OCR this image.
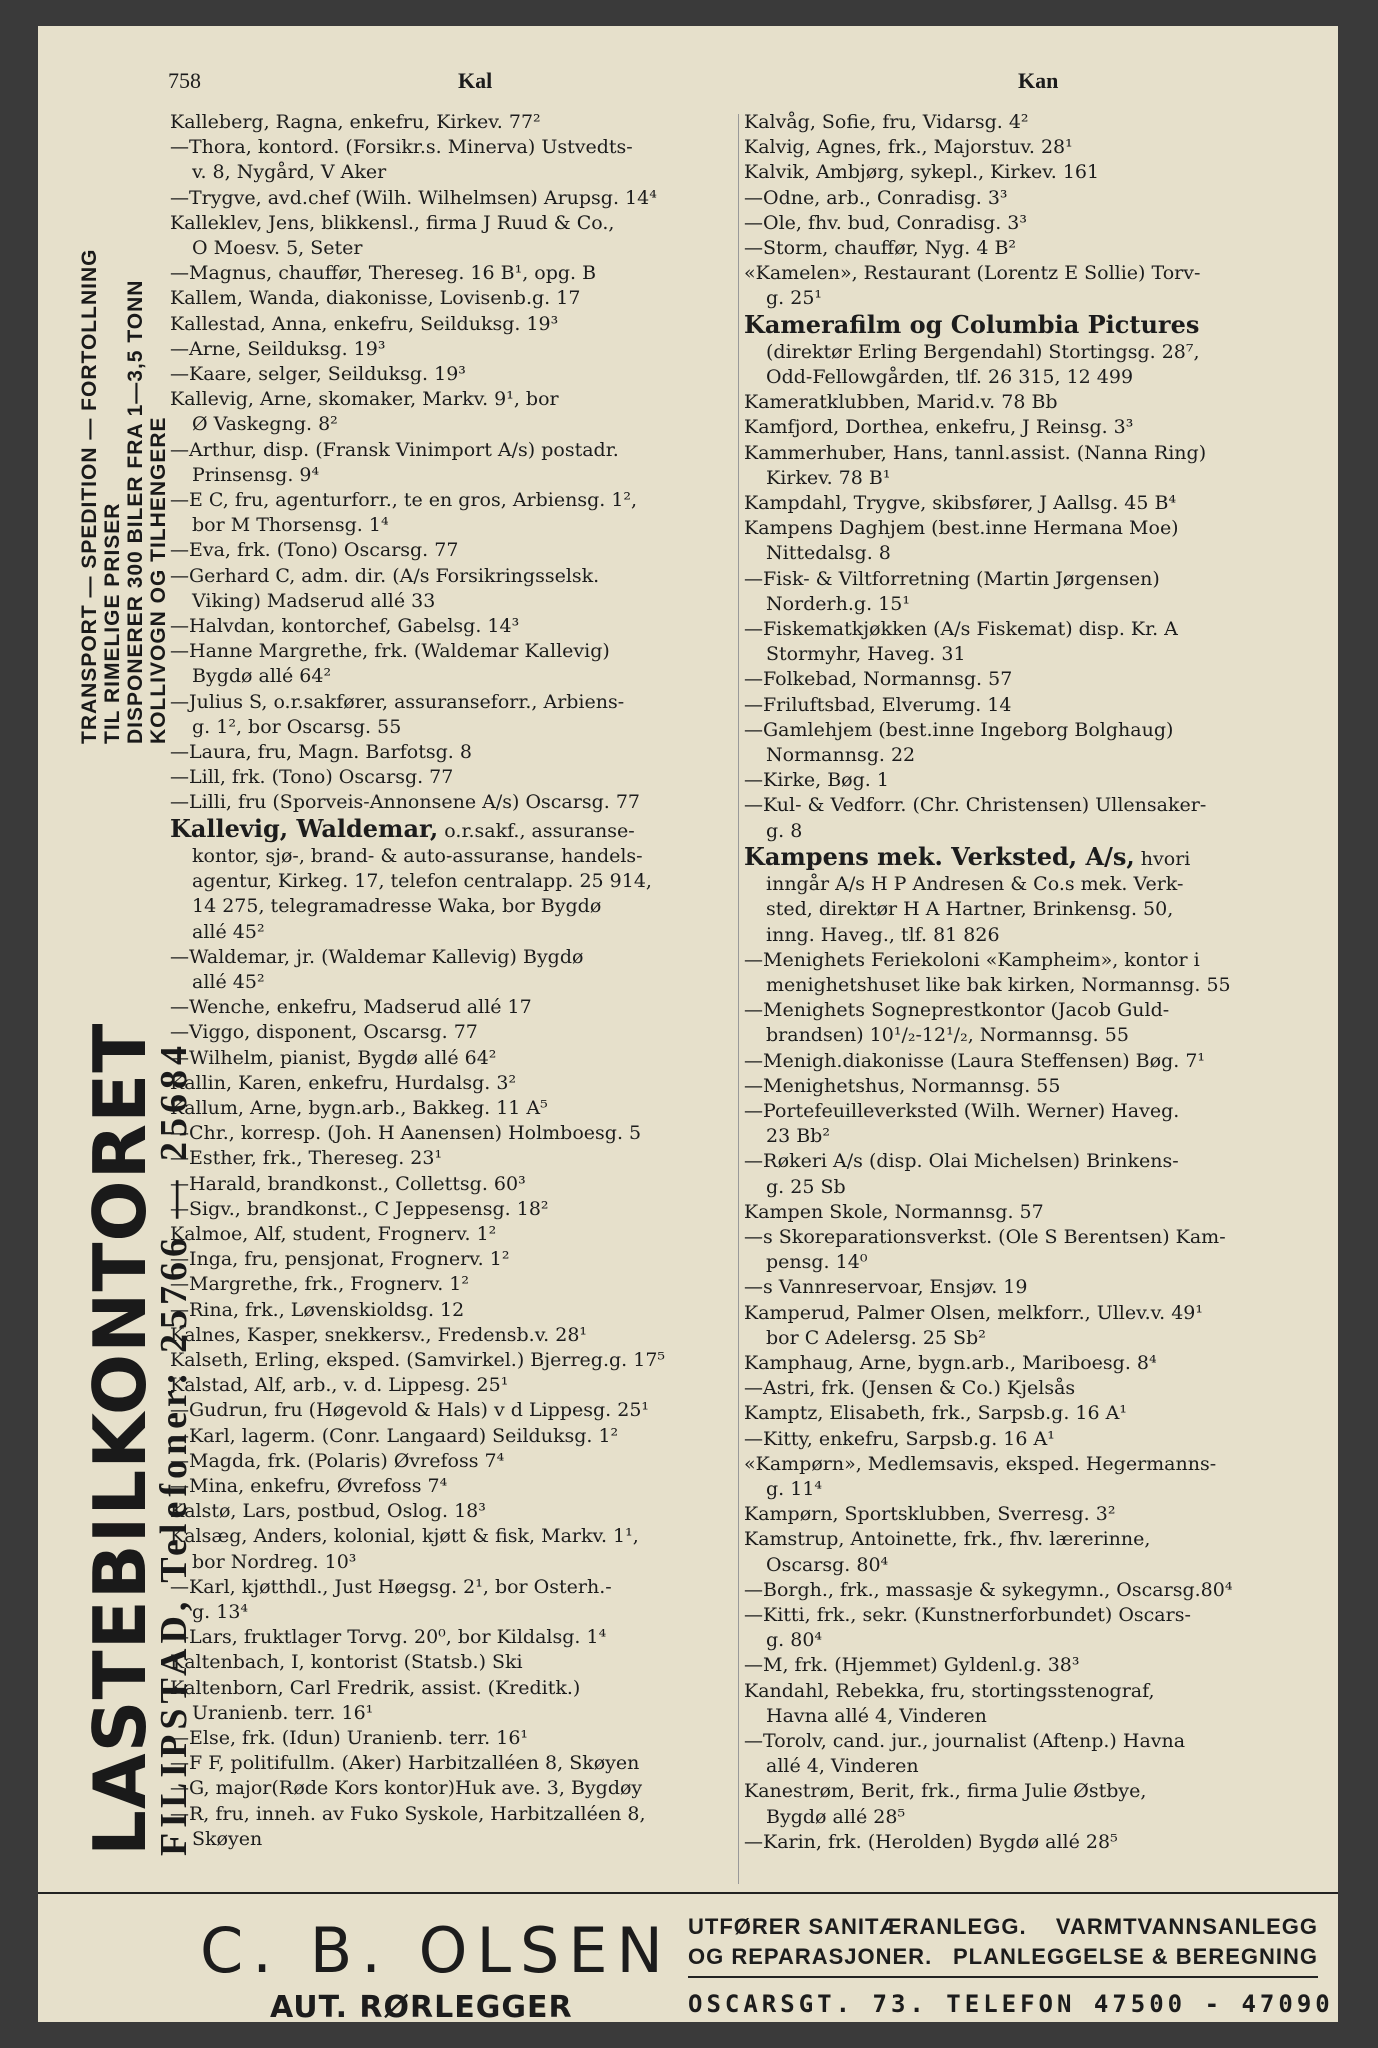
758	Kal	Kan
TRANSPORT — SPEDITION — FORTOLLNING TIL RIMELIGE PRISER DISPONERER 300 BILER FRA 1—3,5 TONN KOLLIVOGN OG TILHENGERE
LASTEBILKONTORET
FILIPSTAD, Telefoner: 25766 — 25684

Kalleberg, Ragna, enkefru, Kirkev. 77²

—Thora, kontord. (Forsikr.s. Minerva) Ustvedts-
v. 8, Nygård, V Aker

—Trygve, avd.chef (Wilh. Wilhelmsen) Arupsg. 14⁴

Kalleklev, Jens, blikkensl., firma J Ruud & Co.,
O Moesv. 5, Seter

—Magnus, chauffør, Thereseg. 16 B¹, opg. B

Kallem, Wanda, diakonisse, Lovisenb.g. 17

Kallestad, Anna, enkefru, Seilduksg. 19³

—Arne, Seilduksg. 19³

—Kaare, selger, Seilduksg. 19³

Kallevig, Arne, skomaker, Markv. 9¹, bor
Ø Vaskegng. 8²

—Arthur, disp. (Fransk Vinimport A/s) postadr.
Prinsensg. 9⁴

—E C, fru, agenturforr., te en gros, Arbiensg. 1²,
bor M Thorsensg. 1⁴

—Eva, frk. (Tono) Oscarsg. 77

—Gerhard C, adm. dir. (A/s Forsikringsselsk.
Viking) Madserud allé 33

—Halvdan, kontorchef, Gabelsg. 14³

—Hanne Margrethe, frk. (Waldemar Kallevig)
Bygdø allé 64²

—Julius S, o.r.sakfører, assuranseforr., Arbiens-
g. 1², bor Oscarsg. 55

—Laura, fru, Magn. Barfotsg. 8

—Lill, frk. (Tono) Oscarsg. 77

—Lilli, fru (Sporveis-Annonsene A/s) Oscarsg. 77

Kallevig, Waldemar, o.r.sakf., assuranse-
kontor, sjø-, brand- & auto-assuranse, handels-
agentur, Kirkeg. 17, telefon centralapp. 25 914,
14 275, telegramadresse Waka, bor Bygdø
allé 45²

—Waldemar, jr. (Waldemar Kallevig) Bygdø
allé 45²

—Wenche, enkefru, Madserud allé 17

—Viggo, disponent, Oscarsg. 77

—Wilhelm, pianist, Bygdø allé 64²

Kallin, Karen, enkefru, Hurdalsg. 3²

Kallum, Arne, bygn.arb., Bakkeg. 11 A⁵

—Chr., korresp. (Joh. H Aanensen) Holmboesg. 5

—Esther, frk., Thereseg. 23¹

—Harald, brandkonst., Collettsg. 60³

—Sigv., brandkonst., C Jeppesensg. 18²

Kalmoe, Alf, student, Frognerv. 1²

—Inga, fru, pensjonat, Frognerv. 1²

—Margrethe, frk., Frognerv. 1²

—Rina, frk., Løvenskioldsg. 12

Kalnes, Kasper, snekkersv., Fredensb.v. 28¹

Kalseth, Erling, eksped. (Samvirkel.) Bjerreg.g. 17⁵

Kalstad, Alf, arb., v. d. Lippesg. 25¹

—Gudrun, fru (Høgevold & Hals) v d Lippesg. 25¹

—Karl, lagerm. (Conr. Langaard) Seilduksg. 1²

—Magda, frk. (Polaris) Øvrefoss 7⁴

—Mina, enkefru, Øvrefoss 7⁴

Kalstø, Lars, postbud, Oslog. 18³

Kalsæg, Anders, kolonial, kjøtt & fisk, Markv. 1¹,
bor Nordreg. 10³

—Karl, kjøtthdl., Just Høegsg. 2¹, bor Osterh.-
g. 13⁴

—Lars, fruktlager Torvg. 20⁰, bor Kildalsg. 1⁴

Kaltenbach, I, kontorist (Statsb.) Ski

Kaltenborn, Carl Fredrik, assist. (Kreditk.)
Uranienb. terr. 16¹

—Else, frk. (Idun) Uranienb. terr. 16¹

—F F, politifullm. (Aker) Harbitzalléen 8, Skøyen

—G, major(Røde Kors kontor)Huk ave. 3, Bygdøy

—R, fru, inneh. av Fuko Syskole, Harbitzalléen 8,
Skøyen

Kalvåg, Sofie, fru, Vidarsg. 4²

Kalvig, Agnes, frk., Majorstuv. 28¹

Kalvik, Ambjørg, sykepl., Kirkev. 161

—Odne, arb., Conradisg. 3³

—Ole, fhv. bud, Conradisg. 3³

—Storm, chauffør, Nyg. 4 B²

«Kamelen», Restaurant (Lorentz E Sollie) Torv-
g. 25¹

Kamerafilm og Columbia Pictures
(direktør Erling Bergendahl) Stortingsg. 28⁷,
Odd-Fellowgården, tlf. 26 315, 12 499

Kameratklubben, Marid.v. 78 Bb

Kamfjord, Dorthea, enkefru, J Reinsg. 3³

Kammerhuber, Hans, tannl.assist. (Nanna Ring)
Kirkev. 78 B¹

Kampdahl, Trygve, skibsfører, J Aallsg. 45 B⁴

Kampens Daghjem (best.inne Hermana Moe)
Nittedalsg. 8

—Fisk- & Viltforretning (Martin Jørgensen)
Norderh.g. 15¹

—Fiskematkjøkken (A/s Fiskemat) disp. Kr. A
Stormyhr, Haveg. 31

—Folkebad, Normannsg. 57

—Friluftsbad, Elverumg. 14

—Gamlehjem (best.inne Ingeborg Bolghaug)
Normannsg. 22

—Kirke, Bøg. 1

—Kul- & Vedforr. (Chr. Christensen) Ullensaker-
g. 8

Kampens mek. Verksted, A/s, hvori
inngår A/s H P Andresen & Co.s mek. Verk-
sted, direktør H A Hartner, Brinkensg. 50,
inng. Haveg., tlf. 81 826

—Menighets Feriekoloni «Kampheim», kontor i
menighetshuset like bak kirken, Normannsg. 55

—Menighets Sogneprestkontor (Jacob Guld-
brandsen) 10¹/₂-12¹/₂, Normannsg. 55

—Menigh.diakonisse (Laura Steffensen) Bøg. 7¹

—Menighetshus, Normannsg. 55

—Portefeuilleverksted (Wilh. Werner) Haveg.
23 Bb²

—Røkeri A/s (disp. Olai Michelsen) Brinkens-
g. 25 Sb

Kampen Skole, Normannsg. 57

—s Skoreparationsverkst. (Ole S Berentsen) Kam-
pensg. 14⁰

—s Vannreservoar, Ensjøv. 19

Kamperud, Palmer Olsen, melkforr., Ullev.v. 49¹
bor C Adelersg. 25 Sb²

Kamphaug, Arne, bygn.arb., Mariboesg. 8⁴

—Astri, frk. (Jensen & Co.) Kjelsås

Kamptz, Elisabeth, frk., Sarpsb.g. 16 A¹

—Kitty, enkefru, Sarpsb.g. 16 A¹

«Kampørn», Medlemsavis, eksped. Hegermanns-
g. 11⁴

Kampørn, Sportsklubben, Sverresg. 3²

Kamstrup, Antoinette, frk., fhv. lærerinne,
Oscarsg. 80⁴

—Borgh., frk., massasje & sykegymn., Oscarsg.80⁴

—Kitti, frk., sekr. (Kunstnerforbundet) Oscars-
g. 80⁴

—M, frk. (Hjemmet) Gyldenl.g. 38³

Kandahl, Rebekka, fru, stortingsstenograf,
Havna allé 4, Vinderen

—Torolv, cand. jur., journalist (Aftenp.) Havna
allé 4, Vinderen

Kanestrøm, Berit, frk., firma Julie Østbye,
Bygdø allé 28⁵

—Karin, frk. (Herolden) Bygdø allé 28⁵

C. B. OLSEN
AUT. RØRLEGGER
UTFØRER SANITÆRANLEGG. VARMTVANNSANLEGG
OG REPARASJONER. PLANLEGGELSE & BEREGNING
OSCARSGT. 73. TELEFON 47500 - 47090
